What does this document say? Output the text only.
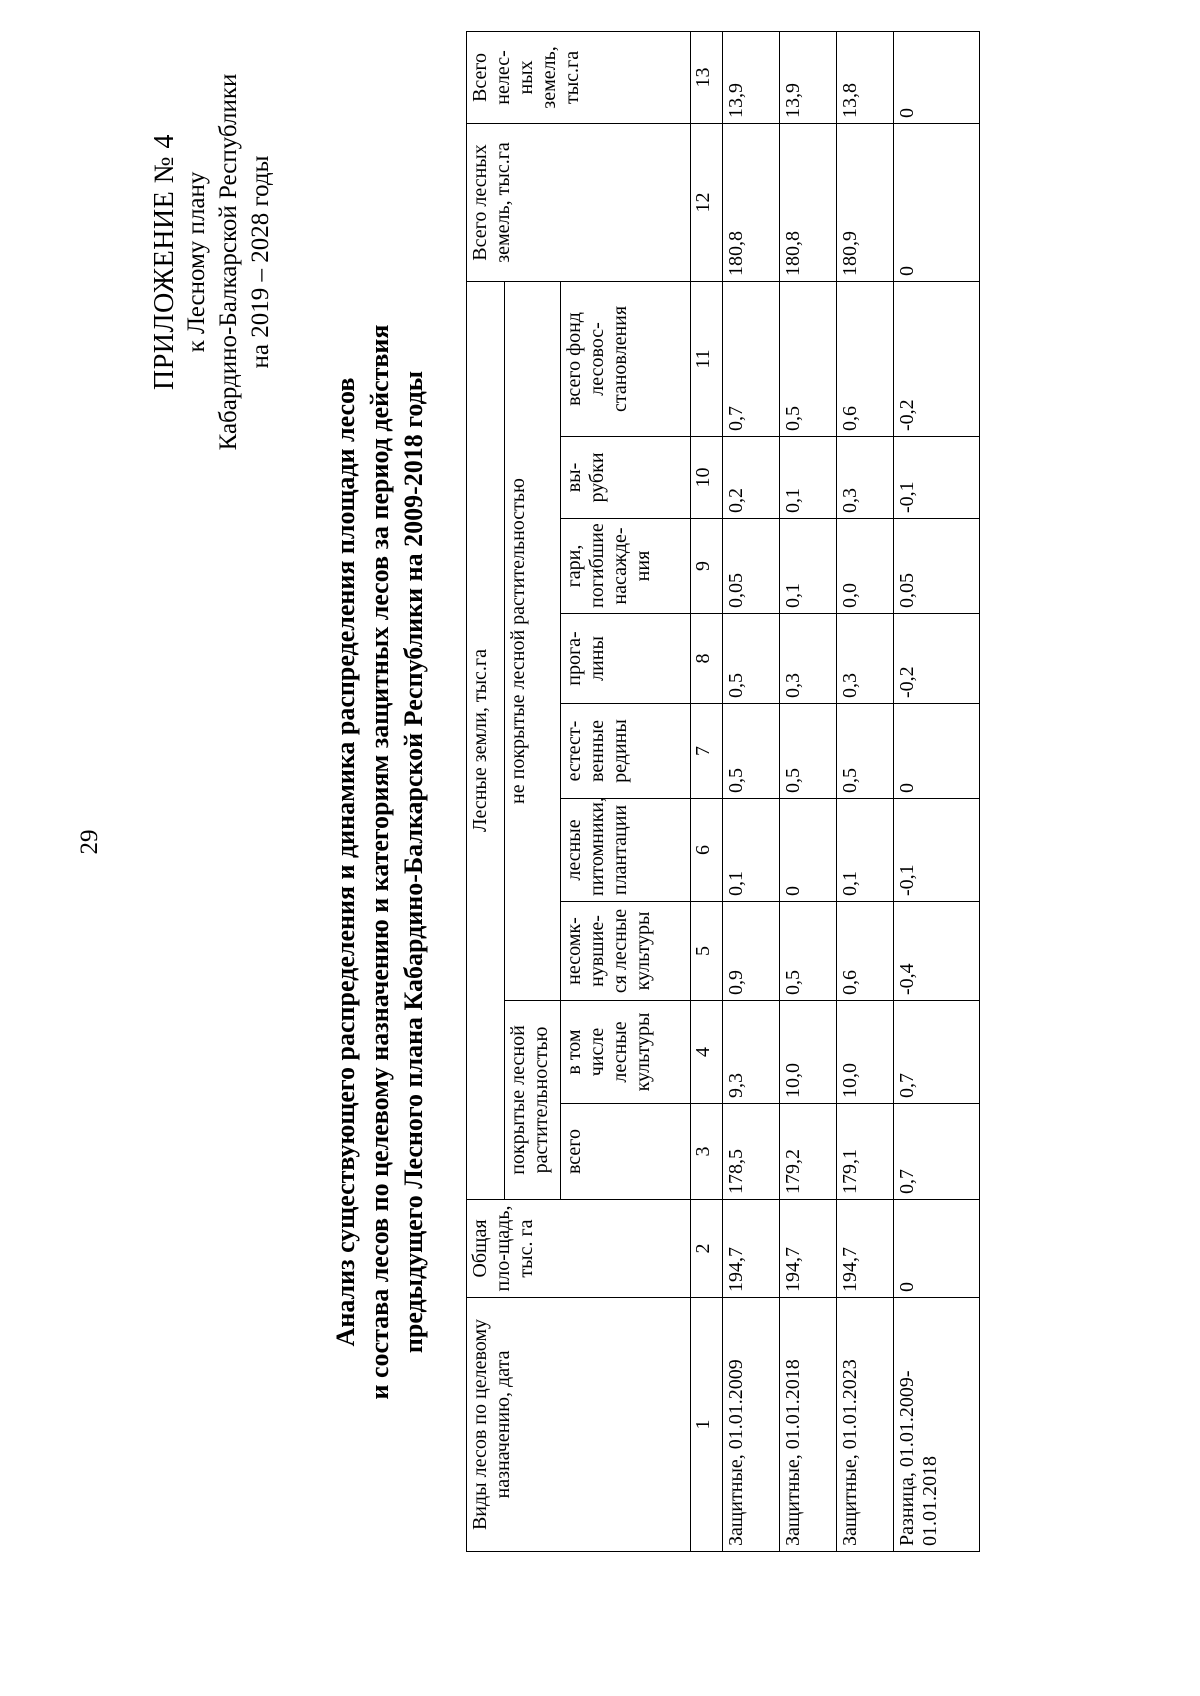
29
ПРИЛОЖЕНИЕ № 4 к Лесному плану Кабардино-Балкарской Республики на 2019 – 2028 годы
Анализ существующего распределения и динамика распределения площади лесов и состава лесов по целевому назначению и категориям защитных лесов за период действия предыдущего Лесного плана Кабардино-Балкарской Республики на 2009-2018 годы
Виды лесов по целевому назначению, дата	Общая пло-щадь, тыс. га	Лесные земли, тыс.га									Всего лесных земель, тыс.га	Всего нелес-ных земель, тыс.га
		покрытые лесной растительностью		не покрытые лесной растительностью								
		всего	в том числе лесные культуры	несомк-нувшие-ся лесные культуры	лесные питомники, плантации	естест-венные редины	прога-лины	гари, погибшие насажде-ния	вы-рубки	всего фонд лесовос-становления		
1	2	3	4	5	6	7	8	9	10	11	12	13
Защитные, 01.01.2009	194,7	178,5	9,3	0,9	0,1	0,5	0,5	0,05	0,2	0,7	180,8	13,9
Защитные, 01.01.2018	194,7	179,2	10,0	0,5	0	0,5	0,3	0,1	0,1	0,5	180,8	13,9
Защитные, 01.01.2023	194,7	179,1	10,0	0,6	0,1	0,5	0,3	0,0	0,3	0,6	180,9	13,8
Разница, 01.01.2009-01.01.2018	0	0,7	0,7	-0,4	-0,1	0	-0,2	0,05	-0,1	-0,2	0	0
